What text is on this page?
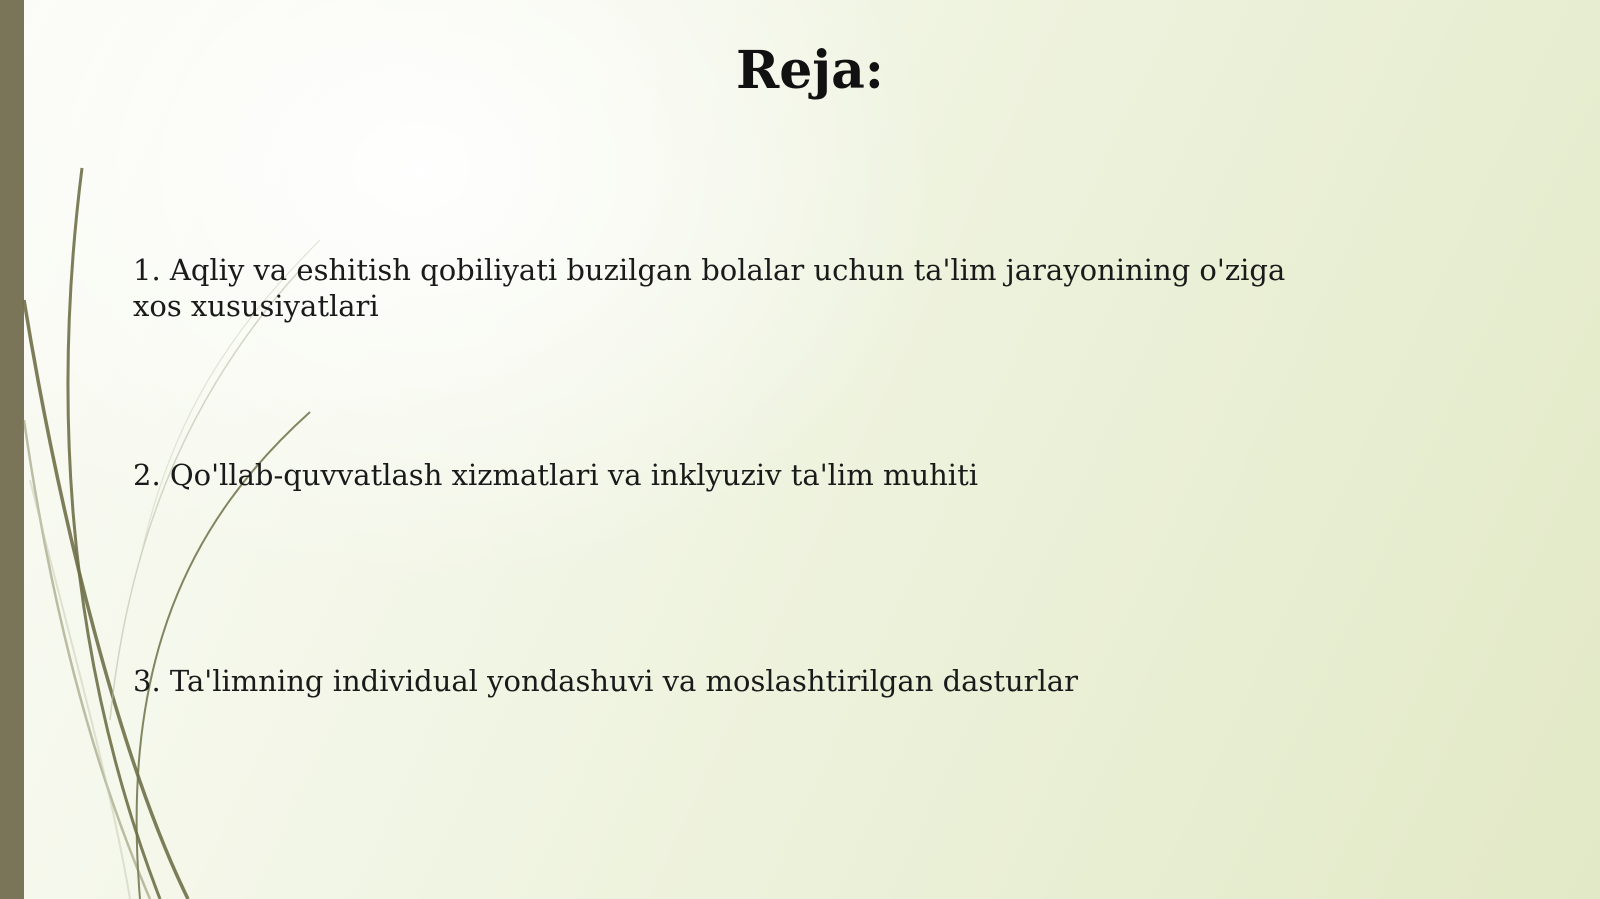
Reja:

1. Aqliy va eshitish qobiliyati buzilgan bolalar uchun ta'lim jarayonining o'ziga xos xususiyatlari

2. Qo'llab-quvvatlash xizmatlari va inklyuziv ta'lim muhiti

3. Ta'limning individual yondashuvi va moslashtirilgan dasturlar
